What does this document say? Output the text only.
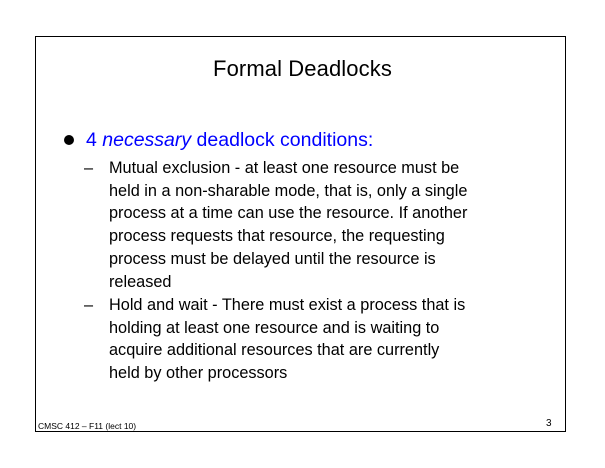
Formal Deadlocks
4 necessary deadlock conditions:
– Mutual exclusion - at least one resource must be
held in a non-sharable mode, that is, only a single
process at a time can use the resource. If another
process requests that resource, the requesting
process must be delayed until the resource is
released
– Hold and wait - There must exist a process that is
holding at least one resource and is waiting to
acquire additional resources that are currently
held by other processors
CMSC 412 – F11 (lect 10)	3
